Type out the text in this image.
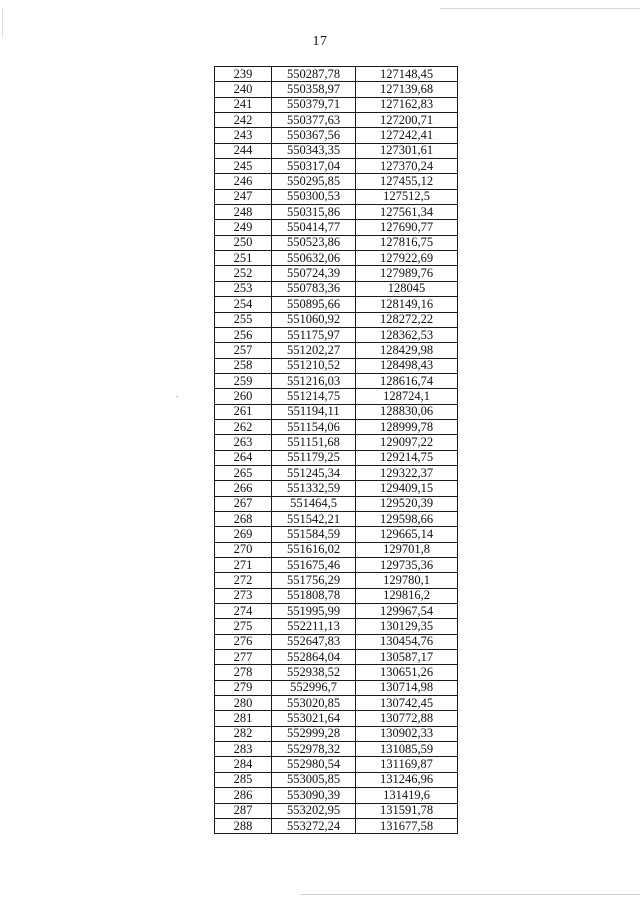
17
239	550287,78	127148,45
240	550358,97	127139,68
241	550379,71	127162,83
242	550377,63	127200,71
243	550367,56	127242,41
244	550343,35	127301,61
245	550317,04	127370,24
246	550295,85	127455,12
247	550300,53	127512,5
248	550315,86	127561,34
249	550414,77	127690,77
250	550523,86	127816,75
251	550632,06	127922,69
252	550724,39	127989,76
253	550783,36	128045
254	550895,66	128149,16
255	551060,92	128272,22
256	551175,97	128362,53
257	551202,27	128429,98
258	551210,52	128498,43
259	551216,03	128616,74
260	551214,75	128724,1
261	551194,11	128830,06
262	551154,06	128999,78
263	551151,68	129097,22
264	551179,25	129214,75
265	551245,34	129322,37
266	551332,59	129409,15
267	551464,5	129520,39
268	551542,21	129598,66
269	551584,59	129665,14
270	551616,02	129701,8
271	551675,46	129735,36
272	551756,29	129780,1
273	551808,78	129816,2
274	551995,99	129967,54
275	552211,13	130129,35
276	552647,83	130454,76
277	552864,04	130587,17
278	552938,52	130651,26
279	552996,7	130714,98
280	553020,85	130742,45
281	553021,64	130772,88
282	552999,28	130902,33
283	552978,32	131085,59
284	552980,54	131169,87
285	553005,85	131246,96
286	553090,39	131419,6
287	553202,95	131591,78
288	553272,24	131677,58
